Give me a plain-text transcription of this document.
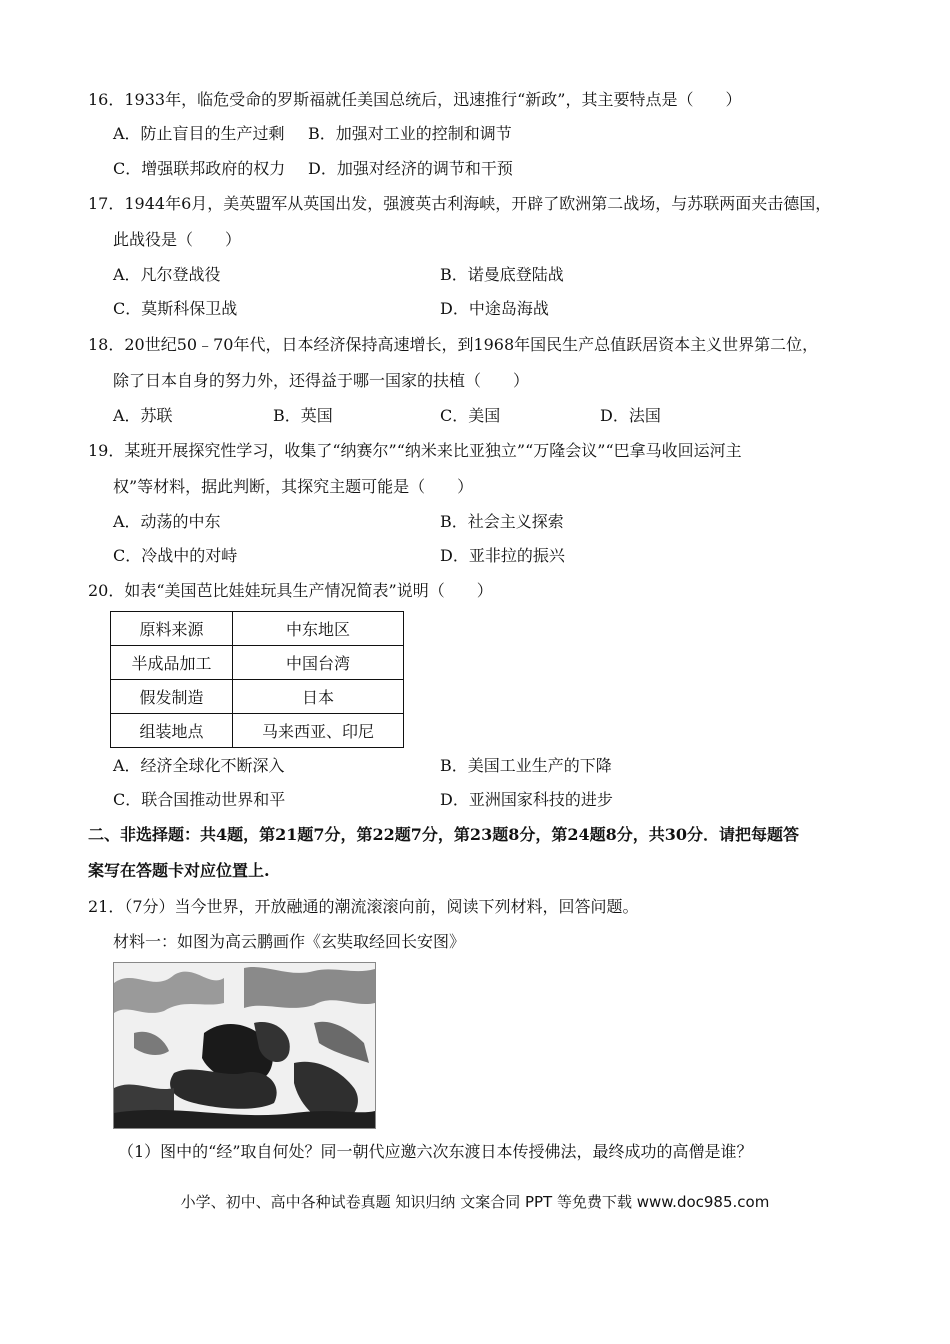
16．1933年，临危受命的罗斯福就任美国总统后，迅速推行“新政”，其主要特点是（　　）
A．防止盲目的生产过剩 B．加强对工业的控制和调节
C．增强联邦政府的权力 D．加强对经济的调节和干预
17．1944年6月，美英盟军从英国出发，强渡英古利海峡，开辟了欧洲第二战场，与苏联两面夹击德国，
此战役是（　　）
A．凡尔登战役	B．诺曼底登陆战
C．莫斯科保卫战	D．中途岛海战
18．20世纪50﹣70年代，日本经济保持高速增长，到1968年国民生产总值跃居资本主义世界第二位，
除了日本自身的努力外，还得益于哪一国家的扶植（　　）
A．苏联	B．英国	C．美国	D．法国
19．某班开展探究性学习，收集了“纳赛尔”“纳米来比亚独立”“万隆会议”“巴拿马收回运河主
权”等材料，据此判断，其探究主题可能是（　　）
A．动荡的中东	B．社会主义探索
C．冷战中的对峙	D．亚非拉的振兴
20．如表“美国芭比娃娃玩具生产情况简表”说明（　　）
原料来源	中东地区
半成品加工	中国台湾
假发制造	日本
组装地点	马来西亚、印尼
A．经济全球化不断深入	B．美国工业生产的下降
C．联合国推动世界和平	D．亚洲国家科技的进步
二、非选择题：共4题，第21题7分，第22题7分，第23题8分，第24题8分，共30分．请把每题答
案写在答题卡对应位置上.
21．（7分）当今世界，开放融通的潮流滚滚向前，阅读下列材料，回答问题。
材料一：如图为高云鹏画作《玄奘取经回长安图》
（1）图中的“经”取自何处？同一朝代应邀六次东渡日本传授佛法，最终成功的高僧是谁？
小学、初中、高中各种试卷真题 知识归纳 文案合同 PPT 等免费下载 www.doc985.com
